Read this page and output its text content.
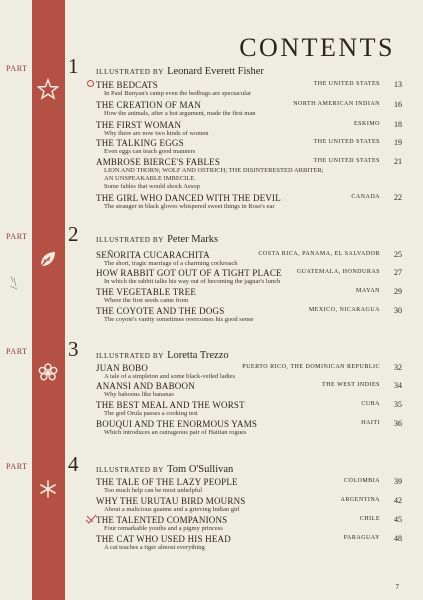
CONTENTS
PART 1 ILLUSTRATED BY Leonard Everett Fisher
THE BEDCATS	THE UNITED STATES 13
In Paul Bunyan's camp even the bedbugs are spectacular
THE CREATION OF MAN	NORTH AMERICAN INDIAN 16
How the animals, after a hot argument, made the first man
THE FIRST WOMAN	ESKIMO 18
Why there are now two kinds of women
THE TALKING EGGS	THE UNITED STATES 19
Even eggs can teach good manners
AMBROSE BIERCE'S FABLES	THE UNITED STATES 21
LION AND THORN; WOLF AND OSTRICH; THE DISINTERESTED ARBITER;
AN UNSPEAKABLE IMBECILE.
Some fables that would shock Aesop
THE GIRL WHO DANCED WITH THE DEVIL	CANADA 22
The stranger in black gloves whispered sweet things in Rose's ear
PART 2 ILLUSTRATED BY Peter Marks
SEÑORITA CUCARACHITA	COSTA RICA, PANAMA, EL SALVADOR 25
The short, tragic marriage of a charming cockroach
HOW RABBIT GOT OUT OF A TIGHT PLACE	GUATEMALA, HONDURAS 27
In which the rabbit talks his way out of becoming the jaguar's lunch
THE VEGETABLE TREE	MAYAN 29
Where the first seeds came from
THE COYOTE AND THE DOGS	MEXICO, NICARAGUA 30
The coyote's vanity sometimes overcomes his good sense
PART 3 ILLUSTRATED BY Loretta Trezzo
JUAN BOBO	PUERTO RICO, THE DOMINICAN REPUBLIC 32
A tale of a simpleton and some black-veiled ladies
ANANSI AND BABOON	THE WEST INDIES 34
Why baboons like bananas
THE BEST MEAL AND THE WORST	CUBA 35
The god Orula passes a cooking test
BOUQUI AND THE ENORMOUS YAMS	HAITI 36
Which introduces an outrageous pair of Haitian rogues
PART 4 ILLUSTRATED BY Tom O'Sullivan
THE TALE OF THE LAZY PEOPLE	COLOMBIA 39
Too much help can be most unhelpful
WHY THE URUTAU BIRD MOURNS	ARGENTINA 42
About a malicious guanne and a grieving Indian girl
THE TALENTED COMPANIONS	CHILE 45
Four remarkable youths and a pigmy princess
THE CAT WHO USED HIS HEAD	PARAGUAY 48
A cat teaches a tiger almost everything
7
